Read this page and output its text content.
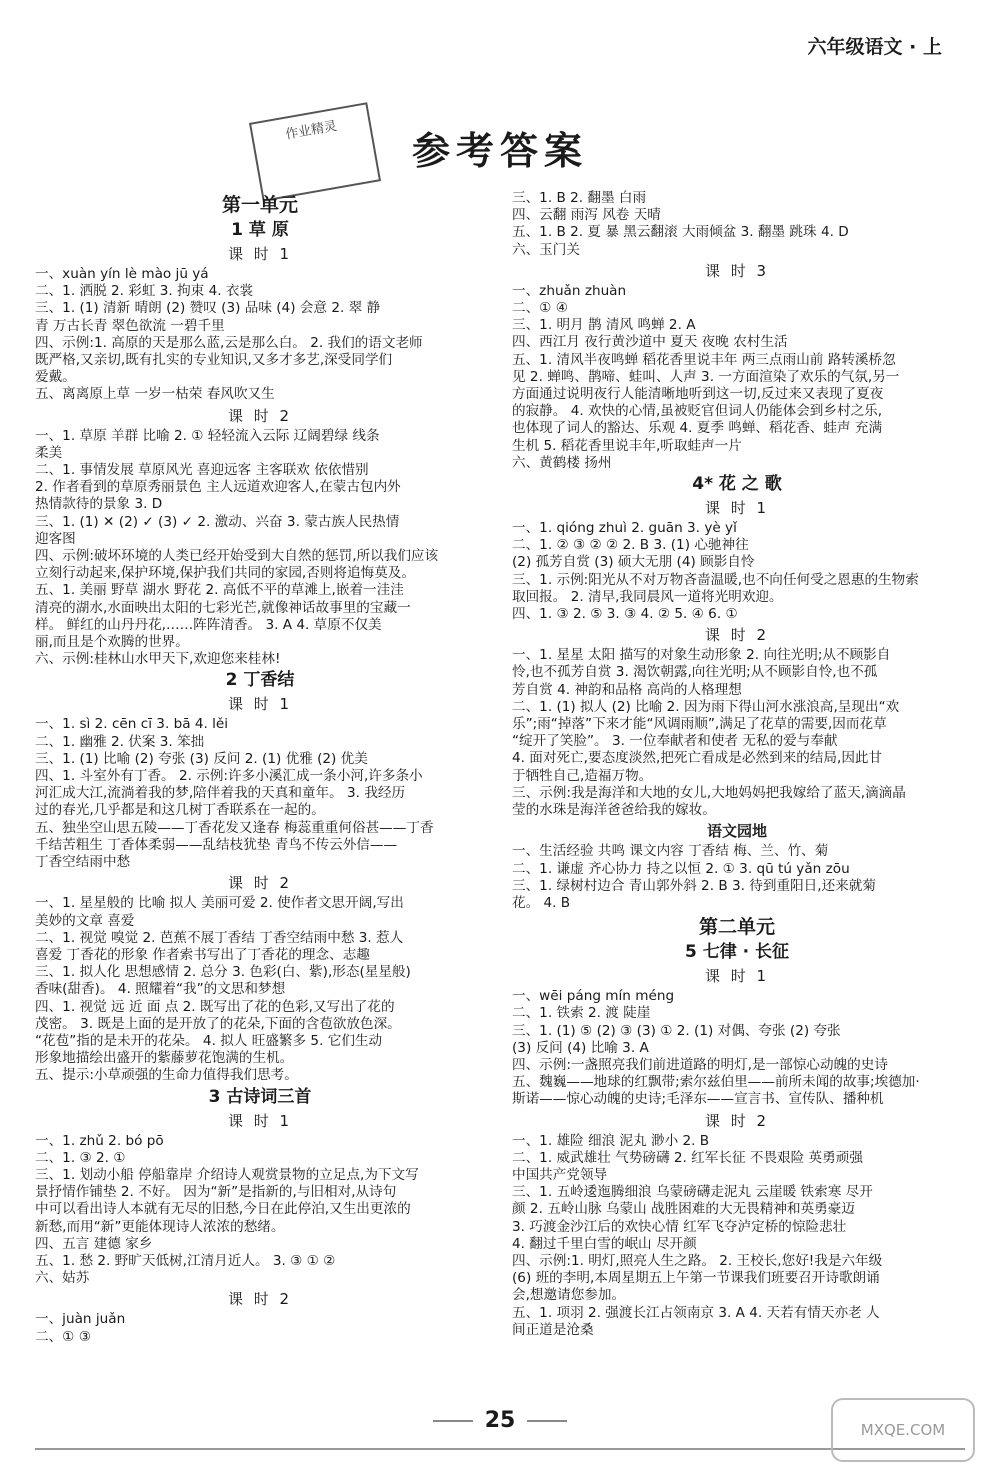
六年级语文 · 上
作业精灵	参考答案
第一单元
1 草 原
课 时 1
一、xuàn yín lè mào jū yá
二、1. 洒脱 2. 彩虹 3. 拘束 4. 衣裳
三、1. (1) 清新 晴朗 (2) 赞叹 (3) 品味 (4) 会意 2. 翠 静
青 万古长青 翠色欲流 一碧千里
四、示例:1. 高原的天是那么蓝,云是那么白。 2. 我们的语文老师
既严格,又亲切,既有扎实的专业知识,又多才多艺,深受同学们
爱戴。
五、离离原上草 一岁一枯荣 春风吹又生
课 时 2
一、1. 草原 羊群 比喻 2. ① 轻轻流入云际 辽阔碧绿 线条
柔美
二、1. 事情发展 草原风光 喜迎远客 主客联欢 依依惜别
2. 作者看到的草原秀丽景色 主人远道欢迎客人,在蒙古包内外
热情款待的景象 3. D
三、1. (1) ✕ (2) ✓ (3) ✓ 2. 激动、兴奋 3. 蒙古族人民热情
迎客图
四、示例:破坏环境的人类已经开始受到大自然的惩罚,所以我们应该
立刻行动起来,保护环境,保护我们共同的家园,否则将追悔莫及。
五、1. 美丽 野草 湖水 野花 2. 高低不平的草滩上,嵌着一洼洼
清亮的湖水,水面映出太阳的七彩光芒,就像神话故事里的宝藏一
样。 鲜红的山丹丹花,……阵阵清香。 3. A 4. 草原不仅美
丽,而且是个欢腾的世界。
六、示例:桂林山水甲天下,欢迎您来桂林!
2 丁香结
课 时 1
一、1. sì 2. cēn cī 3. bā 4. lěi
二、1. 幽雅 2. 伏案 3. 笨拙
三、1. (1) 比喻 (2) 夸张 (3) 反问 2. (1) 优雅 (2) 优美
四、1. 斗室外有丁香。 2. 示例:许多小溪汇成一条小河,许多条小
河汇成大江,流淌着我的梦,陪伴着我的天真和童年。 3. 我经历
过的春光,几乎都是和这几树丁香联系在一起的。
五、独坐空山思五陵——丁香花发又逢春 梅蕊重重何俗甚——丁香
千结苦粗生 丁香体柔弱——乱结枝犹垫 青鸟不传云外信——
丁香空结雨中愁
课 时 2
一、1. 星星般的 比喻 拟人 美丽可爱 2. 使作者文思开阔,写出
美妙的文章 喜爱
二、1. 视觉 嗅觉 2. 芭蕉不展丁香结 丁香空结雨中愁 3. 惹人
喜爱 丁香花的形象 作者索书写出了丁香花的理念、志趣
三、1. 拟人化 思想感情 2. 总分 3. 色彩(白、紫),形态(星星般)
香味(甜香)。 4. 照耀着“我”的文思和梦想
四、1. 视觉 远 近 面 点 2. 既写出了花的色彩,又写出了花的
茂密。 3. 既是上面的是开放了的花朵,下面的含苞欲放色深。
“花苞”指的是未开的花朵。 4. 拟人 旺盛繁多 5. 它们生动
形象地描绘出盛开的紫藤萝花饱满的生机。
五、提示:小草顽强的生命力值得我们思考。
3 古诗词三首
课 时 1
一、1. zhǔ 2. bó pō
二、1. ③ 2. ①
三、1. 划动小船 停船靠岸 介绍诗人观赏景物的立足点,为下文写
景抒情作铺垫 2. 不好。 因为“新”是指新的,与旧相对,从诗句
中可以看出诗人本就有无尽的旧愁,今日在此停泊,又生出更浓的
新愁,而用“新”更能体现诗人浓浓的愁绪。
四、五言 建德 家乡
五、1. 愁 2. 野旷天低树,江清月近人。 3. ③ ① ②
六、姑苏
课 时 2
一、juàn juǎn
二、① ③
三、1. B 2. 翻墨 白雨
四、云翻 雨泻 风卷 天晴
五、1. B 2. 夏 暴 黑云翻滚 大雨倾盆 3. 翻墨 跳珠 4. D
六、玉门关
课 时 3
一、zhuǎn zhuàn
二、① ④
三、1. 明月 鹊 清风 鸣蝉 2. A
四、西江月 夜行黄沙道中 夏天 夜晚 农村生活
五、1. 清风半夜鸣蝉 稻花香里说丰年 两三点雨山前 路转溪桥忽
见 2. 蝉鸣、鹊啼、蛙叫、人声 3. 一方面渲染了欢乐的气氛,另一
方面通过说明夜行人能清晰地听到这一切,反过来又表现了夏夜
的寂静。 4. 欢快的心情,虽被贬官但词人仍能体会到乡村之乐,
也体现了词人的豁达、乐观 4. 夏季 鸣蝉、稻花香、蛙声 充满
生机 5. 稻花香里说丰年,听取蛙声一片
六、黄鹤楼 扬州
4* 花 之 歌
课 时 1
一、1. qióng zhuì 2. guān 3. yè yǐ
二、1. ② ③ ② ② 2. B 3. (1) 心驰神往
(2) 孤芳自赏 (3) 硕大无朋 (4) 顾影自怜
三、1. 示例:阳光从不对万物吝啬温暖,也不向任何受之恩惠的生物索
取回报。 2. 清早,我同晨风一道将光明欢迎。
四、1. ③ 2. ⑤ 3. ③ 4. ② 5. ④ 6. ①
课 时 2
一、1. 星星 太阳 描写的对象生动形象 2. 向往光明;从不顾影自
怜,也不孤芳自赏 3. 渴饮朝露,向往光明;从不顾影自怜,也不孤
芳自赏 4. 神韵和品格 高尚的人格理想
二、1. (1) 拟人 (2) 比喻 2. 因为雨下得山河水涨浪高,呈现出“欢
乐”;雨“掉落”下来才能“风调雨顺”,满足了花草的需要,因而花草
“绽开了笑脸”。 3. 一位奉献者和使者 无私的爱与奉献
4. 面对死亡,要态度淡然,把死亡看成是必然到来的结局,因此甘
于牺牲自己,造福万物。
三、示例:我是海洋和大地的女儿,大地妈妈把我嫁给了蓝天,滴滴晶
莹的水珠是海洋爸爸给我的嫁妆。
语文园地
一、生活经验 共鸣 课文内容 丁香结 梅、兰、竹、菊
二、1. 谦虚 齐心协力 持之以恒 2. ① 3. qū tú yǎn zōu
三、1. 绿树村边合 青山郭外斜 2. B 3. 待到重阳日,还来就菊
花。 4. B
第二单元
5 七律 · 长征
课 时 1
一、wēi páng mín méng
二、1. 铁索 2. 渡 陡崖
三、1. (1) ⑤ (2) ③ (3) ① 2. (1) 对偶、夸张 (2) 夸张
(3) 反问 (4) 比喻 3. A
四、示例:一盏照亮我们前进道路的明灯,是一部惊心动魄的史诗
五、魏巍——地球的红飘带;索尔兹伯里——前所未闻的故事;埃德加·
斯诺——惊心动魄的史诗;毛泽东——宣言书、宣传队、播种机
课 时 2
一、1. 雄险 细浪 泥丸 渺小 2. B
二、1. 威武雄壮 气势磅礴 2. 红军长征 不畏艰险 英勇顽强
中国共产党领导
三、1. 五岭逶迤腾细浪 乌蒙磅礴走泥丸 云崖暖 铁索寒 尽开
颜 2. 五岭山脉 乌蒙山 战胜困难的大无畏精神和英勇豪迈
3. 巧渡金沙江后的欢快心情 红军飞夺泸定桥的惊险悲壮
4. 翻过千里白雪的岷山 尽开颜
四、示例:1. 明灯,照亮人生之路。 2. 王校长,您好!我是六年级
(6) 班的李明,本周星期五上午第一节课我们班要召开诗歌朗诵
会,想邀请您参加。
五、1. 项羽 2. 强渡长江占领南京 3. A 4. 天若有情天亦老 人
间正道是沧桑
25	MXQE.COM
